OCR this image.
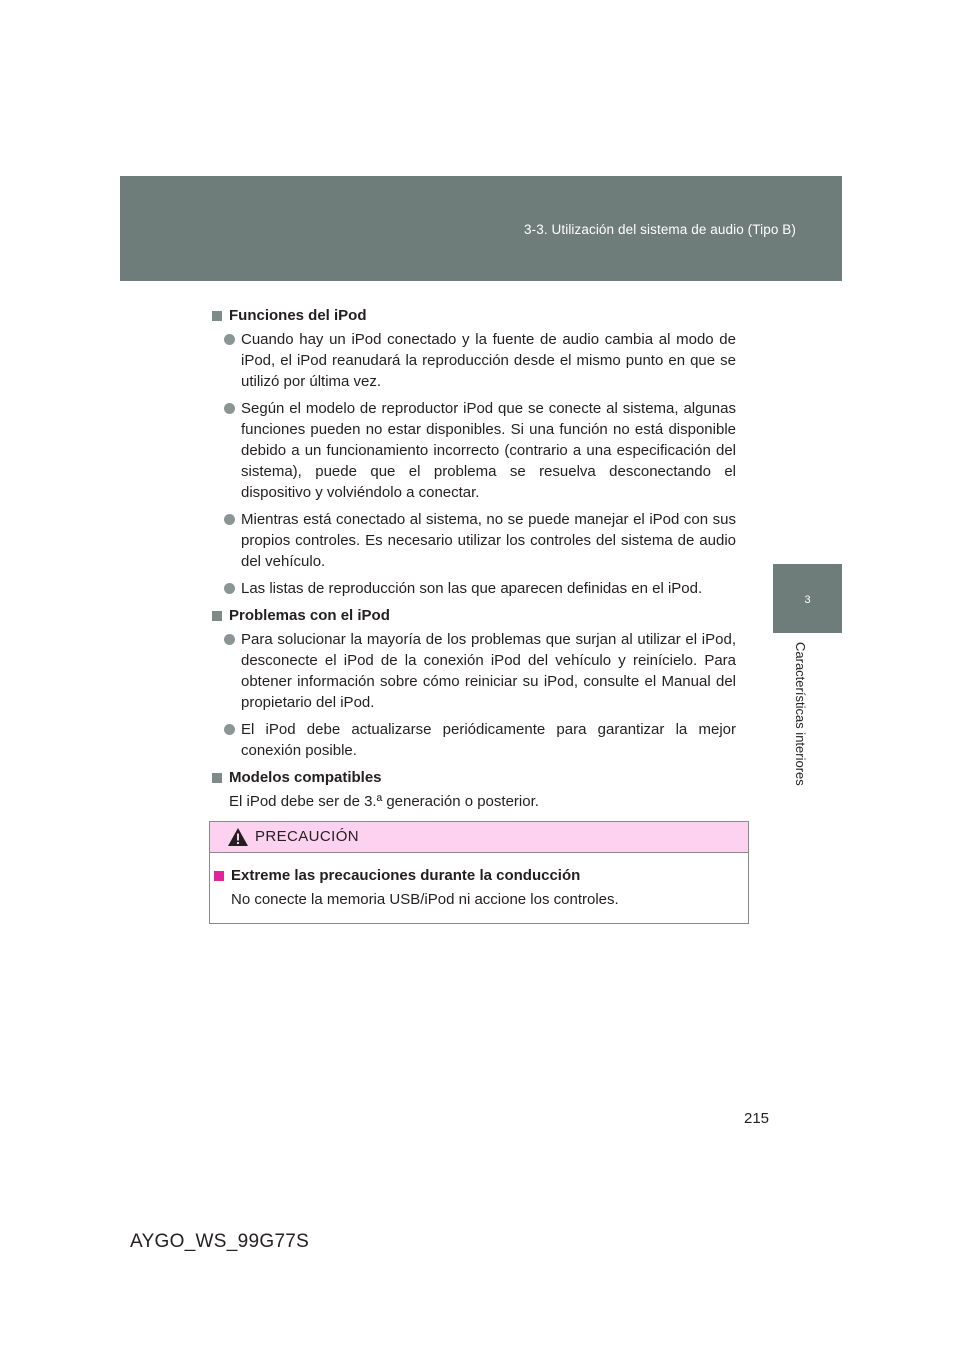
3-3. Utilización del sistema de audio (Tipo B)
3
Características interiores
Funciones del iPod
Cuando hay un iPod conectado y la fuente de audio cambia al modo de iPod, el iPod reanudará la reproducción desde el mismo punto en que se utilizó por última vez.
Según el modelo de reproductor iPod que se conecte al sistema, algunas funciones pueden no estar disponibles. Si una función no está disponible debido a un funcionamiento incorrecto (contrario a una especificación del sistema), puede que el problema se resuelva desconectando el dispositivo y volviéndolo a conectar.
Mientras está conectado al sistema, no se puede manejar el iPod con sus propios controles. Es necesario utilizar los controles del sistema de audio del vehículo.
Las listas de reproducción son las que aparecen definidas en el iPod.
Problemas con el iPod
Para solucionar la mayoría de los problemas que surjan al utilizar el iPod, desconecte el iPod de la conexión iPod del vehículo y reinícielo. Para obtener información sobre cómo reiniciar su iPod, consulte el Manual del propietario del iPod.
El iPod debe actualizarse periódicamente para garantizar la mejor conexión posible.
Modelos compatibles

El iPod debe ser de 3.ª generación o posterior.

PRECAUCIÓN
Extreme las precauciones durante la conducción

No conecte la memoria USB/iPod ni accione los controles.

215
AYGO_WS_99G77S
